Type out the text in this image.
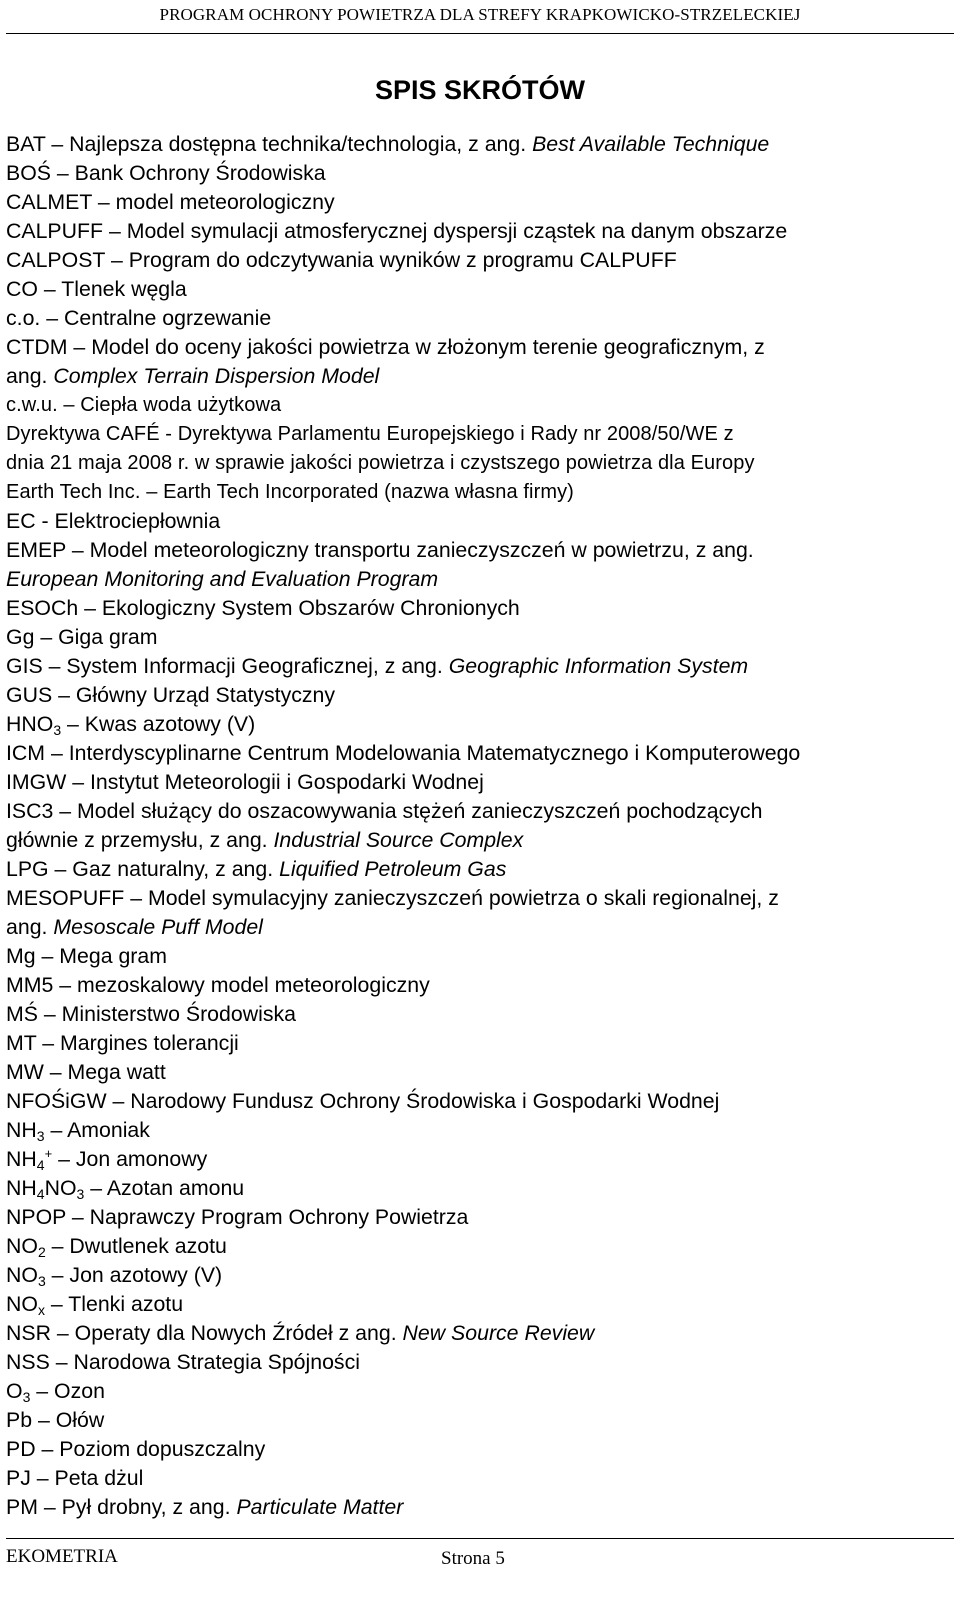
PROGRAM OCHRONY POWIETRZA DLA STREFY KRAPKOWICKO-STRZELECKIEJ
SPIS SKRÓTÓW
BAT – Najlepsza dostępna technika/technologia, z ang. Best Available Technique
BOŚ – Bank Ochrony Środowiska
CALMET – model meteorologiczny
CALPUFF – Model symulacji atmosferycznej dyspersji cząstek na danym obszarze
CALPOST – Program do odczytywania wyników z programu CALPUFF
CO – Tlenek węgla
c.o. – Centralne ogrzewanie
CTDM – Model do oceny jakości powietrza w złożonym terenie geograficznym, z
ang. Complex Terrain Dispersion Model
c.w.u. – Ciepła woda użytkowa
Dyrektywa CAFÉ - Dyrektywa Parlamentu Europejskiego i Rady nr 2008/50/WE z
dnia 21 maja 2008 r. w sprawie jakości powietrza i czystszego powietrza dla Europy
Earth Tech Inc. – Earth Tech Incorporated (nazwa własna firmy)
EC - Elektrociepłownia
EMEP – Model meteorologiczny transportu zanieczyszczeń w powietrzu, z ang.
European Monitoring and Evaluation Program
ESOCh – Ekologiczny System Obszarów Chronionych
Gg – Giga gram
GIS – System Informacji Geograficznej, z ang. Geographic Information System
GUS – Główny Urząd Statystyczny
$HNO_3$ – Kwas azotowy (V)
ICM – Interdyscyplinarne Centrum Modelowania Matematycznego i Komputerowego
IMGW – Instytut Meteorologii i Gospodarki Wodnej
ISC3 – Model służący do oszacowywania stężeń zanieczyszczeń pochodzących
głównie z przemysłu, z ang. Industrial Source Complex
LPG – Gaz naturalny, z ang. Liquified Petroleum Gas
MESOPUFF – Model symulacyjny zanieczyszczeń powietrza o skali regionalnej, z
ang. Mesoscale Puff Model
Mg – Mega gram
MM5 – mezoskalowy model meteorologiczny
MŚ – Ministerstwo Środowiska
MT – Margines tolerancji
MW – Mega watt
NFOŚiGW – Narodowy Fundusz Ochrony Środowiska i Gospodarki Wodnej
$NH_3$ – Amoniak
$NH_4^+$ – Jon amonowy
$NH_4NO_3$ – Azotan amonu
NPOP – Naprawczy Program Ochrony Powietrza
$NO_2$ – Dwutlenek azotu
$NO_3$ – Jon azotowy (V)
$NO_x$ – Tlenki azotu
NSR – Operaty dla Nowych Źródeł z ang. New Source Review
NSS – Narodowa Strategia Spójności
$O_3$ – Ozon
Pb – Ołów
PD – Poziom dopuszczalny
PJ – Peta dżul
PM – Pył drobny, z ang. Particulate Matter
EKOMETRIA	Strona 5
